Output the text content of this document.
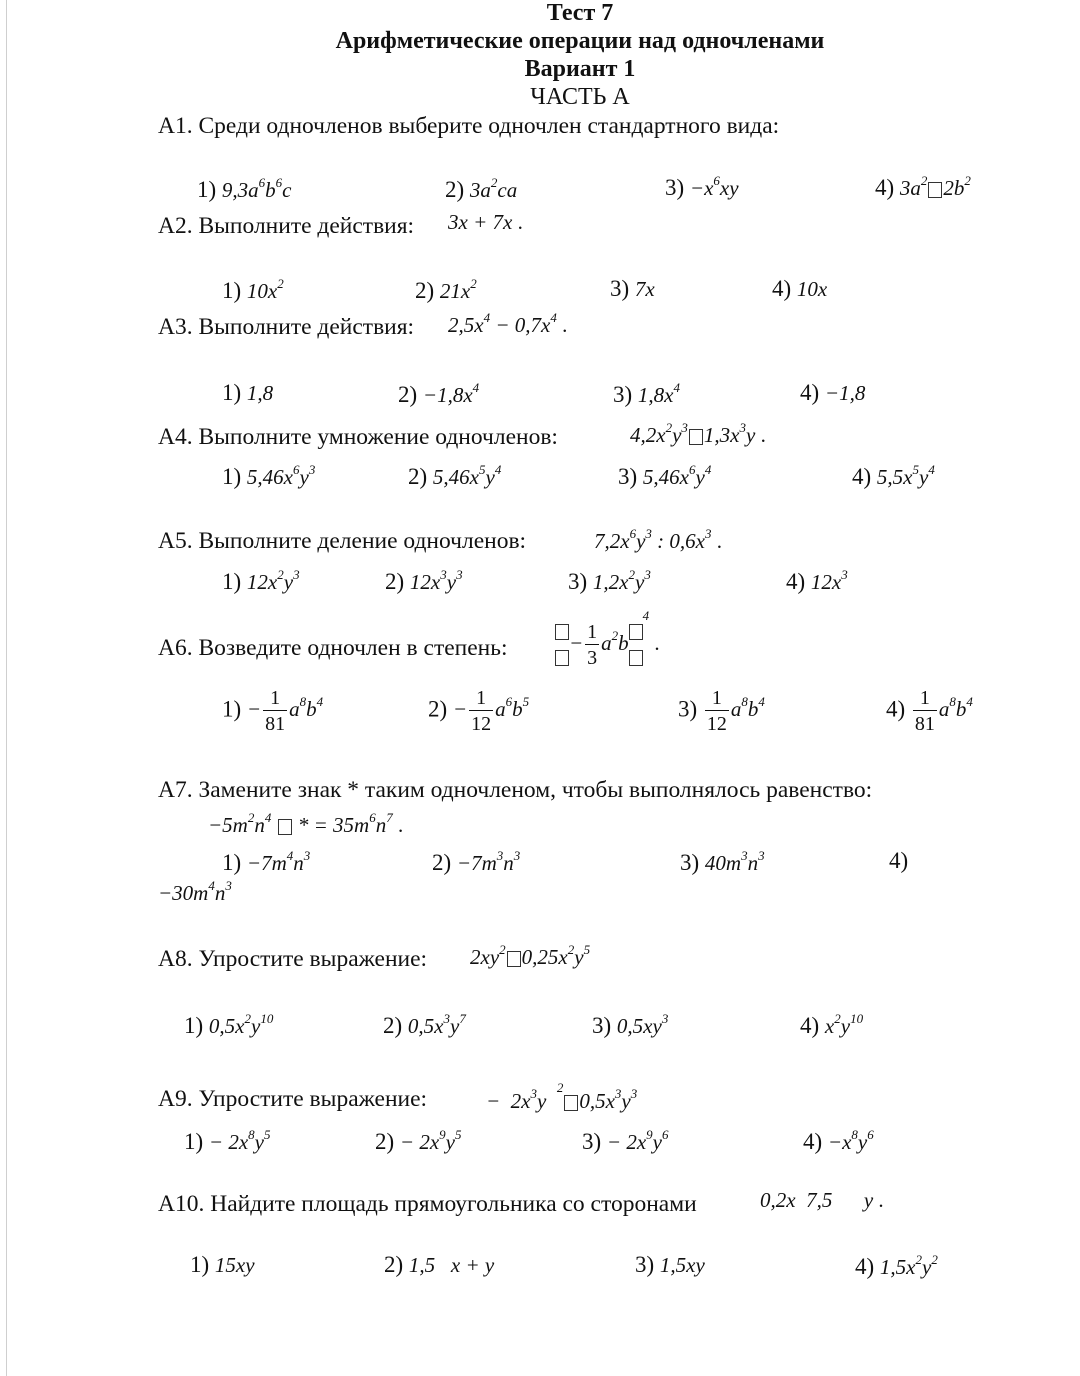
Тест 7
Арифметические операции над одночленами
Вариант 1
ЧАСТЬ А
A1. Среди одночленов выберите одночлен стандартного вида:
1) $9,3a^6b^6c$	2) $3a^2ca$	$3) -x^6xy$	4) $3a^2$ $2b^2$
A2. Выполните действия: 3x + 7x .
1) $10x^2$	2) $21x^2$	3) 7x	4) 10x
A3. Выполните действия: $2,5x^4 - 0,7x^4$ .
1) 1,8	$2) -1,8x^4$	3) $1,8x^4$	4) −1,8
A4. Выполните умножение одночленов:	$4,2x^2y^3$ $1,3x^3y$ .
1) $5,46x^6y^3$	2) $5,46x^5y^4$	3) $5,46x^6y^4$	4) $5,5x^5y^4$
A5. Выполните деление одночленов:	$7,2x^6y^3$ : $0,6x^3$ .
1) $12x^2y^3$	2) $12x^3y^3$	3) $1,2x^2y^3$	4) $12x^3$
A6. Возведите одночлен в степень:	− $\frac{1}{3} a^2b$
$^4$ .
$1) - \frac{1}{81} a^8b^4$	$2) - \frac{1}{12} a^6b^5$	$3) \frac{1}{12} a^8b^4$	$4) \frac{1}{81} a^8b^4$
A7. Замените знак * таким одночленом, чтобы выполнялось равенство:
$-5m^2n^4$  * = $35m^6n^7$ .
$1) -7m^4n^3$	$2) -7m^3n^3$	3) $40m^3n^3$	4)
$-30m^4n^3$
A8. Упростите выражение: $2xy^2$ $0,25x^2y^5$
1) $0,5x^2y^{10}$	2) $0,5x^3y^7$	3) $0,5xy^3$	4) $x^2y^{10}$
A9. Упростите выражение:	−  $2x^3y$  $^20,5x^3y^3$
$1) - 2x^8y^5$	$2) - 2x^9y^5$	$3) - 2x^9y^6$	$4) -x^8y^6$
A10. Найдите площадь прямоугольника со сторонами	0,2x  7,5      y .
1) 15xy	2) 1,5   x + y	3) 1,5xy	4) $1,5x^2y^2$
